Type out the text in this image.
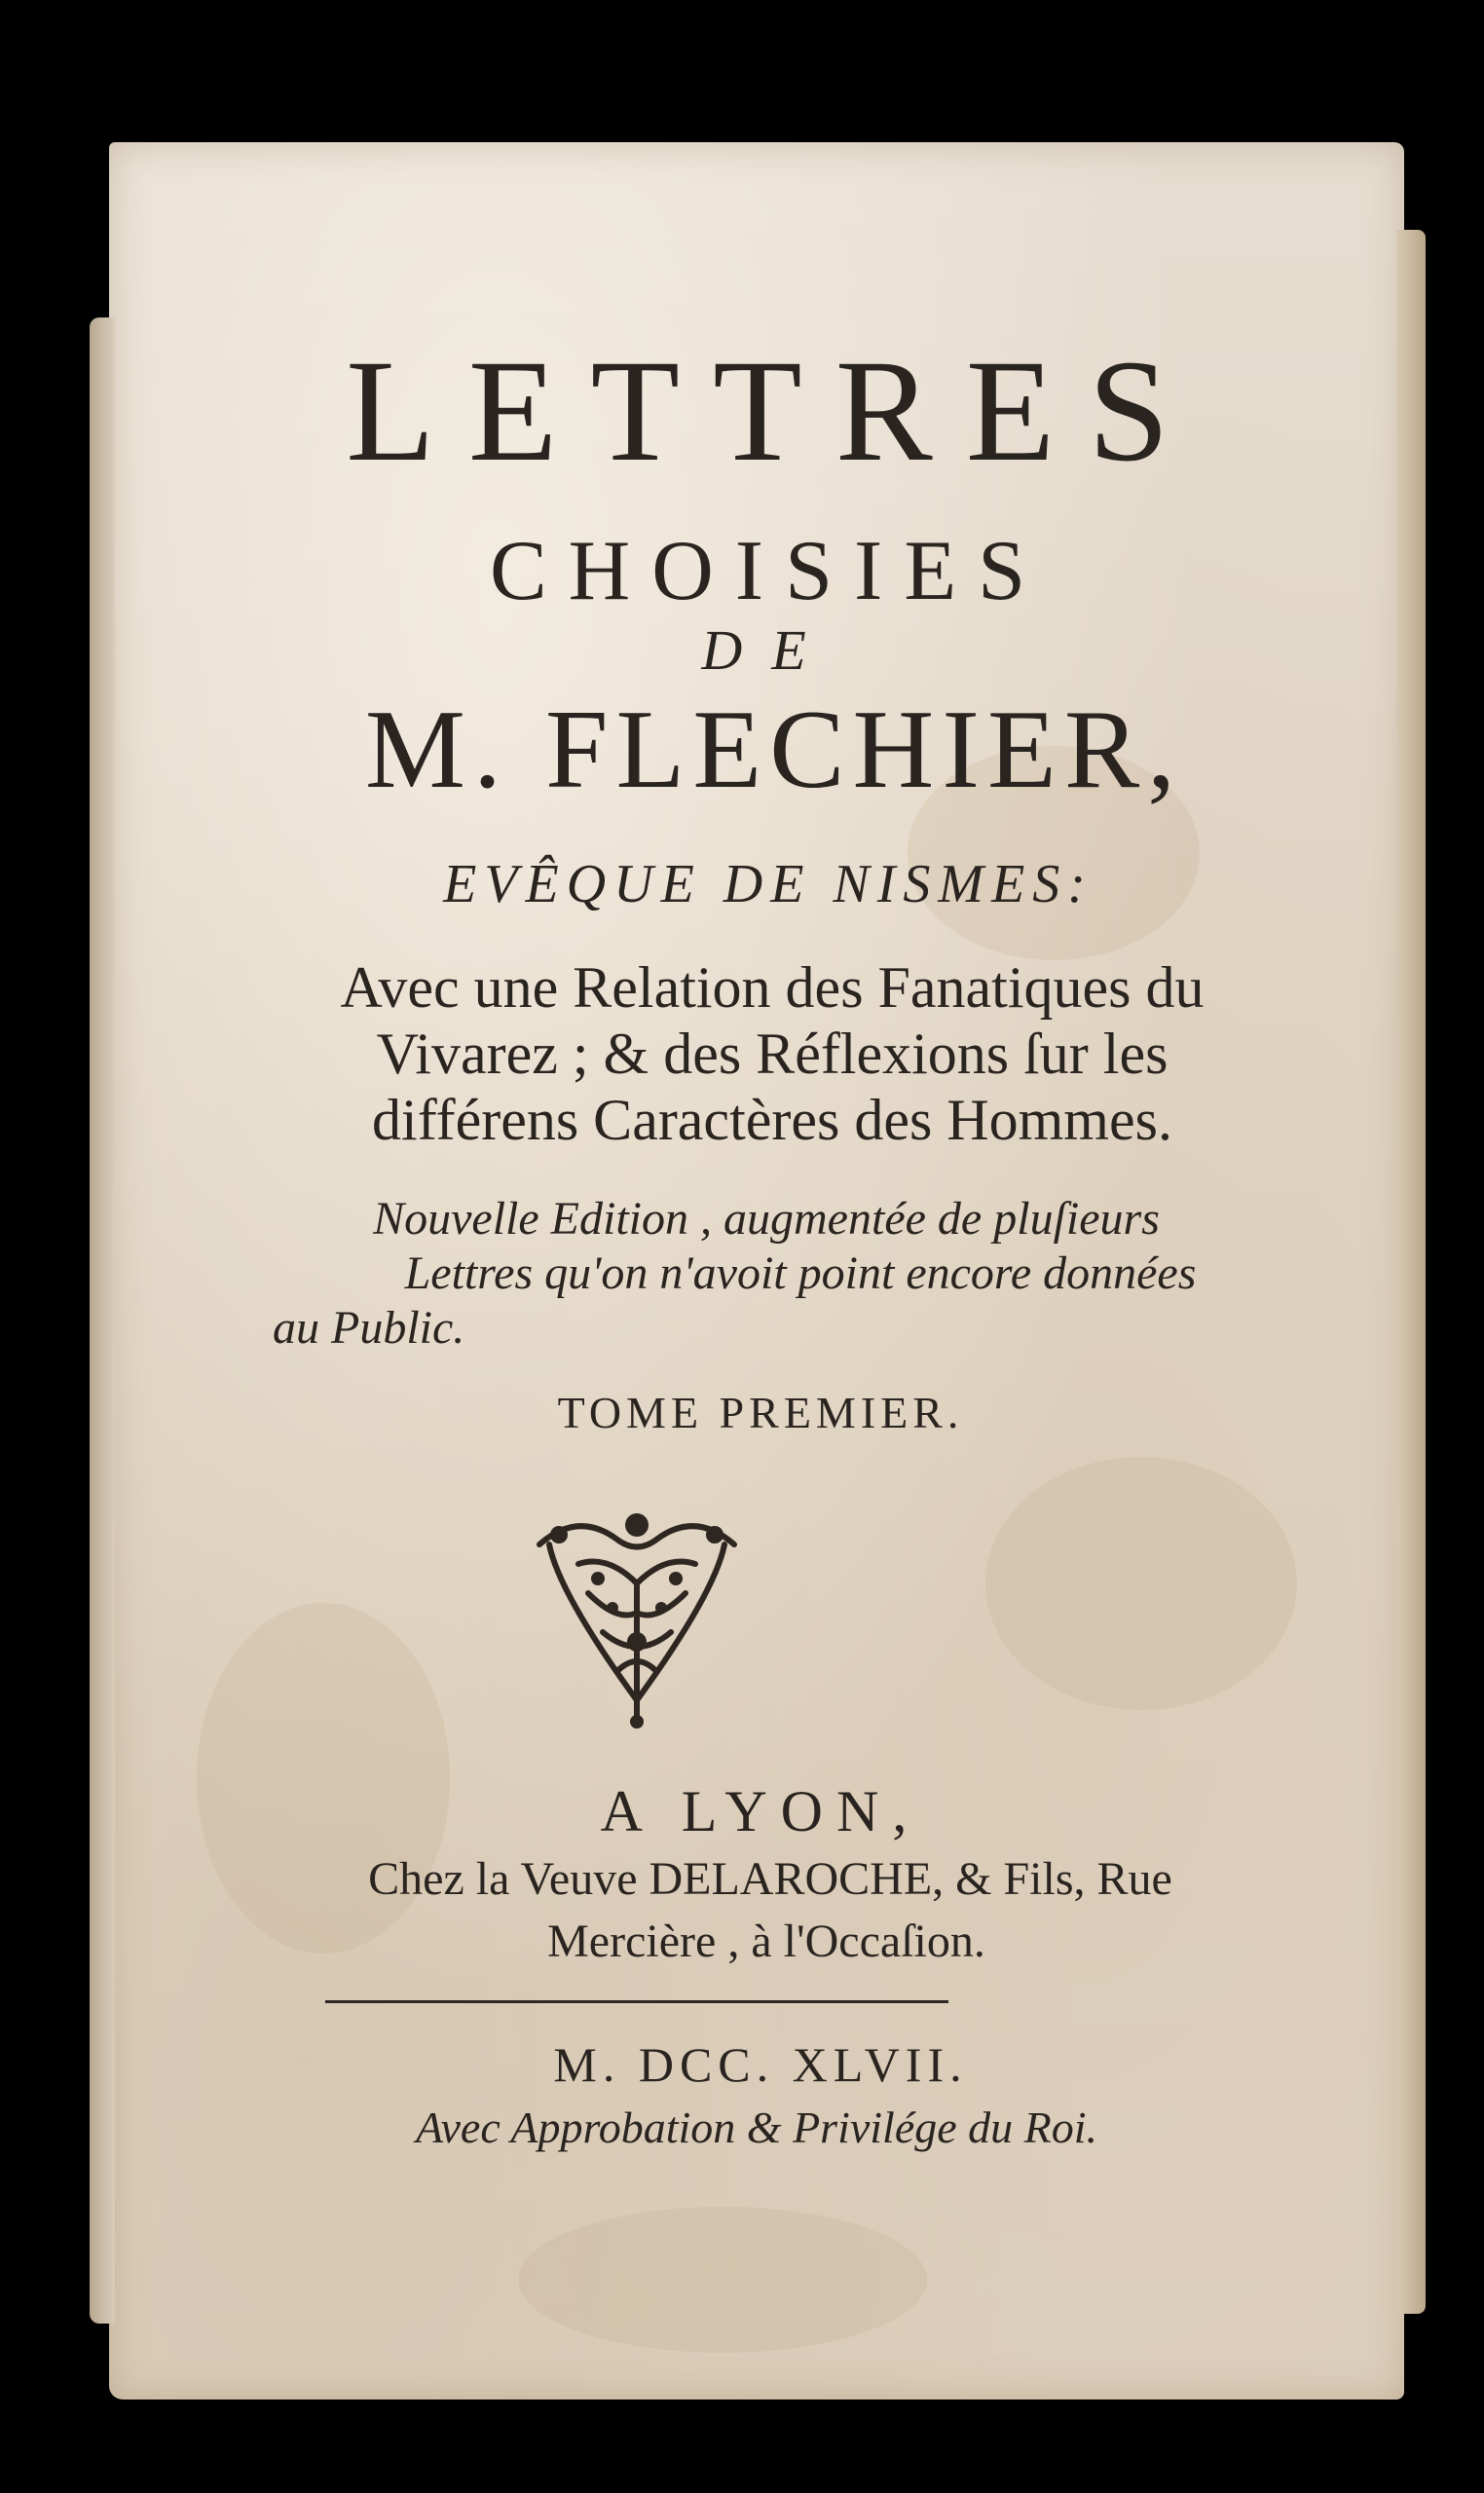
LETTRES
CHOISIES
DE
M. FLECHIER,
EVÊQUE DE NISMES:
Avec une Relation des Fanatiques du
Vivarez ; & des Réflexions ſur les
différens Caractères des Hommes.
Nouvelle Edition , augmentée de pluſieurs
Lettres qu'on n'avoit point encore données
au Public.
TOME PREMIER.
A LYON,
Chez la Veuve DELAROCHE, & Fils, Rue
Mercière , à l'Occaſion.
M. DCC. XLVII.
Avec Approbation & Privilége du Roi.
